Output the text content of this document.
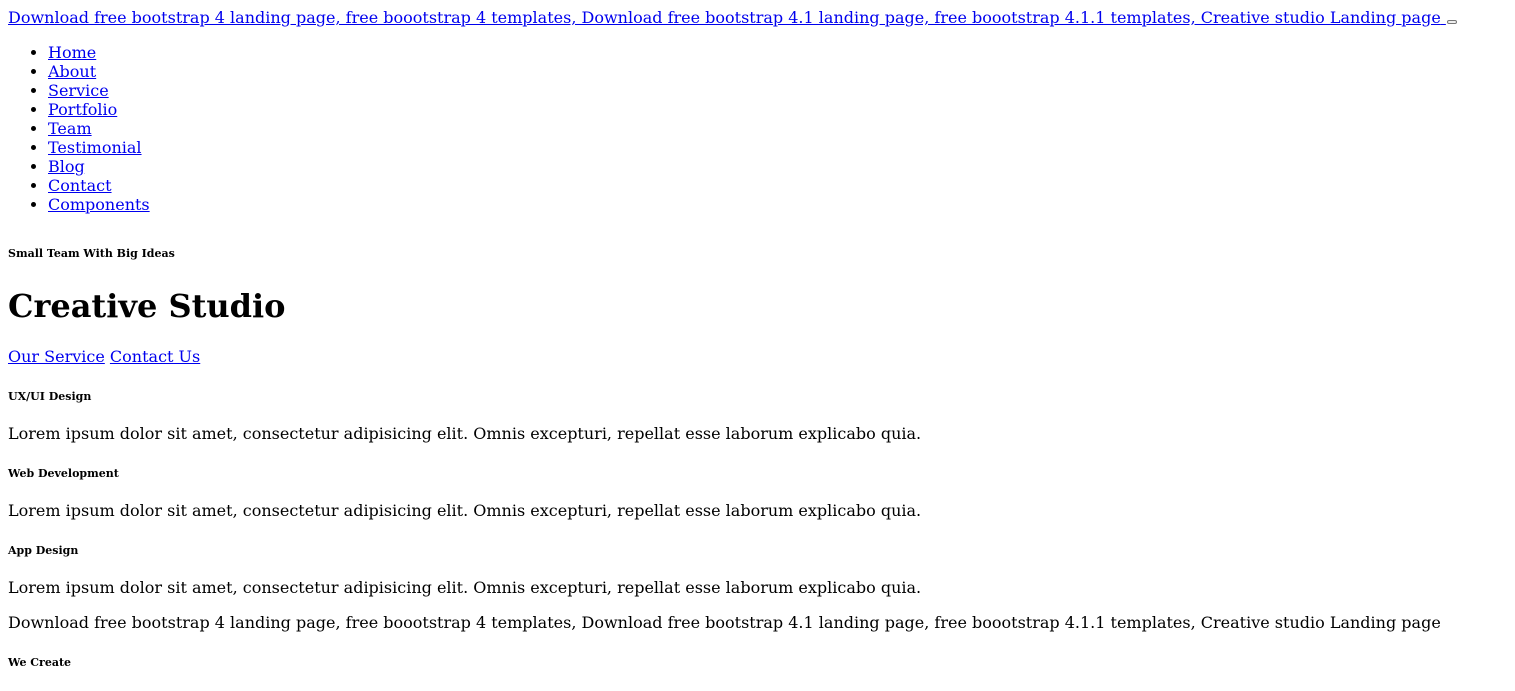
Download free bootstrap 4 landing page, free boootstrap 4 templates, Download free bootstrap 4.1 landing page, free boootstrap 4.1.1 templates, Creative studio Landing page
• Home
• About
• Service
• Portfolio
• Team
• Testimonial
• Blog
• Contact
• Components
Small Team With Big Ideas
Creative Studio
Our Service Contact Us
UX/UI Design

Lorem ipsum dolor sit amet, consectetur adipisicing elit. Omnis excepturi, repellat esse laborum explicabo quia.

Web Development

Lorem ipsum dolor sit amet, consectetur adipisicing elit. Omnis excepturi, repellat esse laborum explicabo quia.

App Design

Lorem ipsum dolor sit amet, consectetur adipisicing elit. Omnis excepturi, repellat esse laborum explicabo quia.

Download free bootstrap 4 landing page, free boootstrap 4 templates, Download free bootstrap 4.1 landing page, free boootstrap 4.1.1 templates, Creative studio Landing page
We Create
